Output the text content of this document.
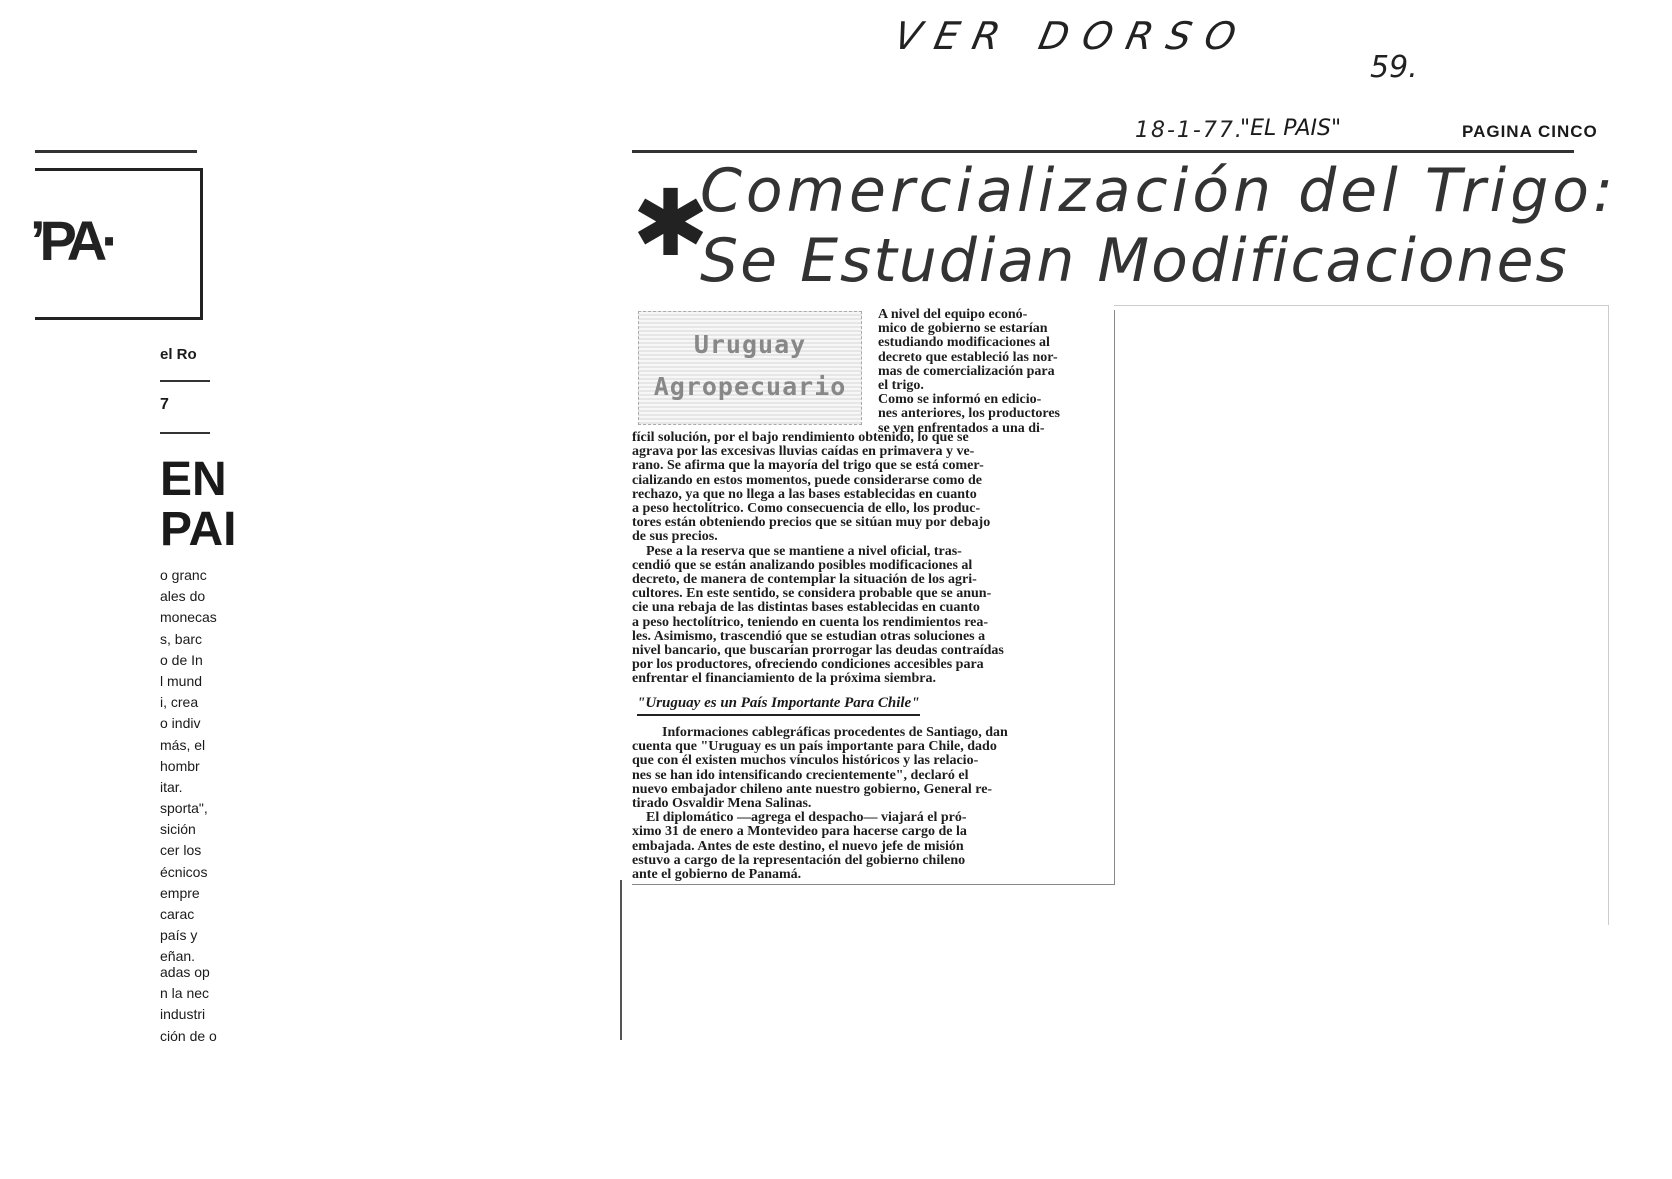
VER DORSO
59.
18-1-77.
"EL PAIS"	PAGINA CINCO
ʼPA·
el Ro
7
EN
PAI
o granc
ales do
monecas
s, barc
o de In
l mund
i, crea
o indiv
más, el
hombr
itar.
sporta",
sición
cer los
écnicos
empre
carac
país y
eñan.
adas op
n la nec
industri
ción de o
✱
Comercialización del Trigo:
Se Estudian Modificaciones
Uruguay
Agropecuario
A nivel del equipo econó-
mico de gobierno se estarían
estudiando modificaciones al
decreto que estableció las nor-
mas de comercialización para
el trigo.
Como se informó en edicio-
nes anteriores, los productores
se ven enfrentados a una di-
fícil solución, por el bajo rendimiento obtenido, lo que se
agrava por las excesivas lluvias caídas en primavera y ve-
rano. Se afirma que la mayoría del trigo que se está comer-
cializando en estos momentos, puede considerarse como de
rechazo, ya que no llega a las bases establecidas en cuanto
a peso hectolítrico. Como consecuencia de ello, los produc-
tores están obteniendo precios que se sitúan muy por debajo
de sus precios.
Pese a la reserva que se mantiene a nivel oficial, tras-
cendió que se están analizando posibles modificaciones al
decreto, de manera de contemplar la situación de los agri-
cultores. En este sentido, se considera probable que se anun-
cie una rebaja de las distintas bases establecidas en cuanto
a peso hectolítrico, teniendo en cuenta los rendimientos rea-
les. Asimismo, trascendió que se estudian otras soluciones a
nivel bancario, que buscarían prorrogar las deudas contraídas
por los productores, ofreciendo condiciones accesibles para
enfrentar el financiamiento de la próxima siembra.
"Uruguay es un País Importante Para Chile"
Informaciones cablegráficas procedentes de Santiago, dan
cuenta que "Uruguay es un país importante para Chile, dado
que con él existen muchos vínculos históricos y las relacio-
nes se han ido intensificando crecientemente", declaró el
nuevo embajador chileno ante nuestro gobierno, General re-
tirado Osvaldir Mena Salinas.
El diplomático —agrega el despacho— viajará el pró-
ximo 31 de enero a Montevideo para hacerse cargo de la
embajada. Antes de este destino, el nuevo jefe de misión
estuvo a cargo de la representación del gobierno chileno
ante el gobierno de Panamá.
